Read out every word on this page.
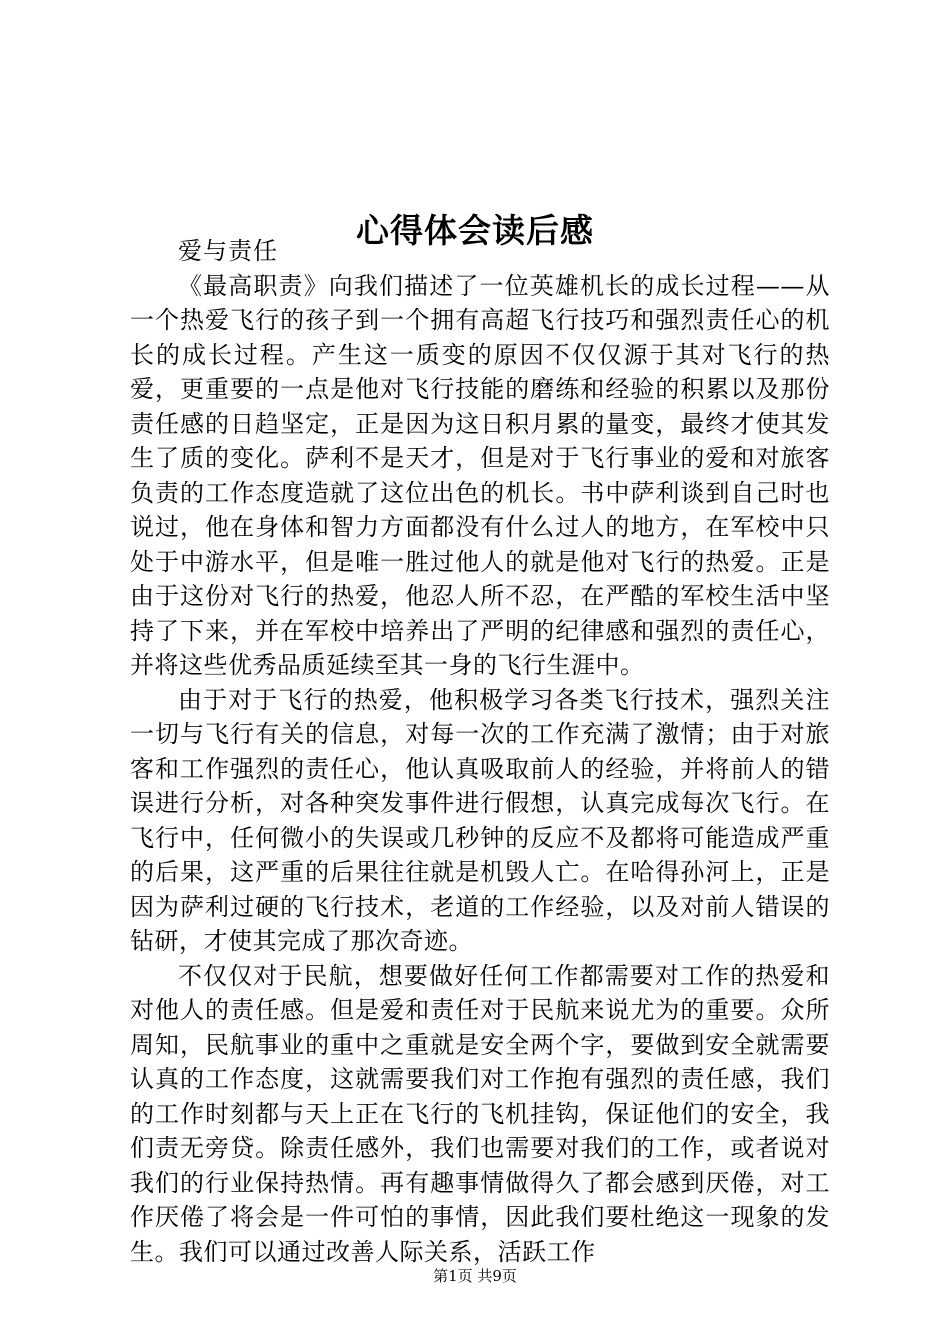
心得体会读后感

爱与责任

《最高职责》向我们描述了一位英雄机长的成长过程——从一个热爱飞行的孩子到一个拥有高超飞行技巧和强烈责任心的机长的成长过程。产生这一质变的原因不仅仅源于其对飞行的热爱，更重要的一点是他对飞行技能的磨练和经验的积累以及那份责任感的日趋坚定，正是因为这日积月累的量变，最终才使其发生了质的变化。萨利不是天才，但是对于飞行事业的爱和对旅客负责的工作态度造就了这位出色的机长。书中萨利谈到自己时也说过，他在身体和智力方面都没有什么过人的地方，在军校中只处于中游水平，但是唯一胜过他人的就是他对飞行的热爱。正是由于这份对飞行的热爱，他忍人所不忍，在严酷的军校生活中坚持了下来，并在军校中培养出了严明的纪律感和强烈的责任心，并将这些优秀品质延续至其一身的飞行生涯中。

由于对于飞行的热爱，他积极学习各类飞行技术，强烈关注一切与飞行有关的信息，对每一次的工作充满了激情；由于对旅客和工作强烈的责任心，他认真吸取前人的经验，并将前人的错误进行分析，对各种突发事件进行假想，认真完成每次飞行。在飞行中，任何微小的失误或几秒钟的反应不及都将可能造成严重的后果，这严重的后果往往就是机毁人亡。在哈得孙河上，正是因为萨利过硬的飞行技术，老道的工作经验，以及对前人错误的钻研，才使其完成了那次奇迹。

不仅仅对于民航，想要做好任何工作都需要对工作的热爱和对他人的责任感。但是爱和责任对于民航来说尤为的重要。众所周知，民航事业的重中之重就是安全两个字，要做到安全就需要认真的工作态度，这就需要我们对工作抱有强烈的责任感，我们的工作时刻都与天上正在飞行的飞机挂钩，保证他们的安全，我们责无旁贷。除责任感外，我们也需要对我们的工作，或者说对我们的行业保持热情。再有趣事情做得久了都会感到厌倦，对工作厌倦了将会是一件可怕的事情，因此我们要杜绝这一现象的发生。我们可以通过改善人际关系，活跃工作

第1页 共9页
